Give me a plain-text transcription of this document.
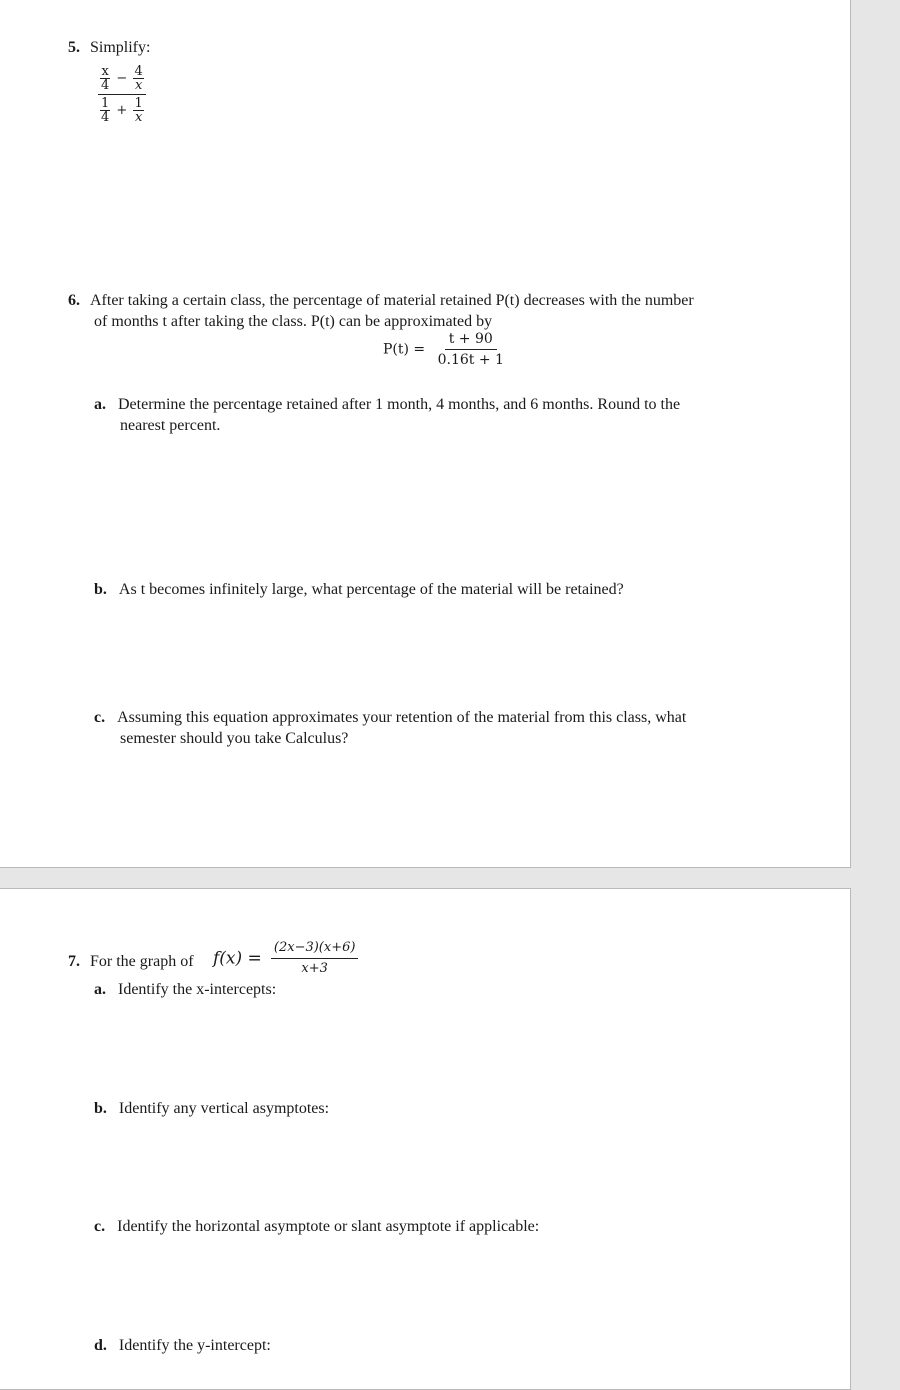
5. Simplify:
$\frac{x}{4} - \frac{4}{x}$
$\frac{1}{4} + \frac{1}{x}$
6. After taking a certain class, the percentage of material retained P(t) decreases with the number
of months t after taking the class. P(t) can be approximated by
$P(t) = \frac{t + 90}{0.16t + 1}$
a. Determine the percentage retained after 1 month, 4 months, and 6 months. Round to the
nearest percent.
b. As t becomes infinitely large, what percentage of the material will be retained?
c. Assuming this equation approximates your retention of the material from this class, what
semester should you take Calculus?
7. For the graph of $f(x) = \frac{(2x-3)(x+6)}{x+3}$
a. Identify the x-intercepts:
b. Identify any vertical asymptotes:
c. Identify the horizontal asymptote or slant asymptote if applicable:
d. Identify the y-intercept:
